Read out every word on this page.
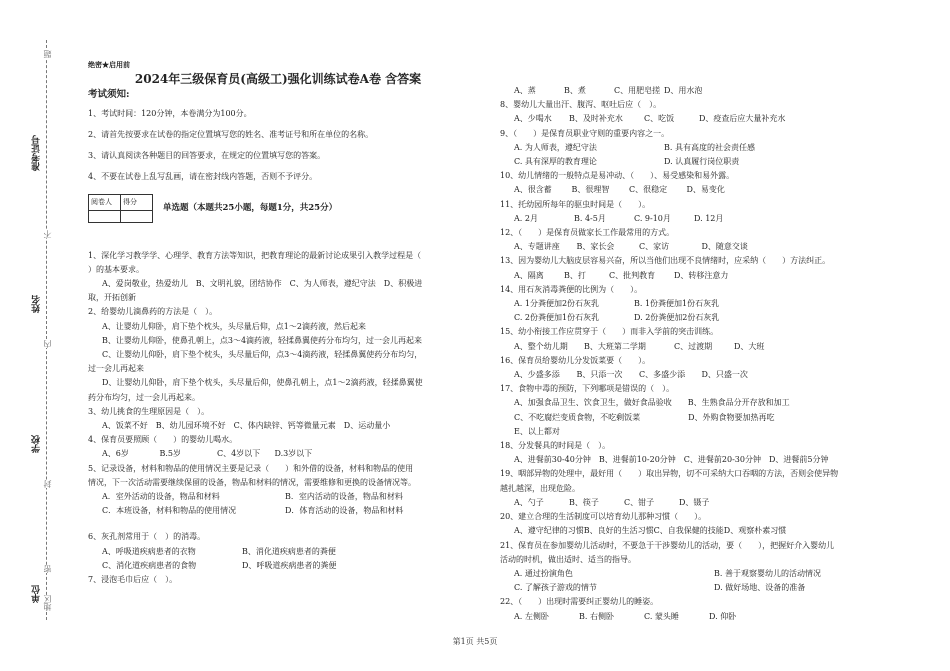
题
准考证号
不
姓名
内
学校
封
单位
密
地区

绝密★启用前

2024年三级保育员(高级工)强化训练试卷A卷 含答案

考试须知:

1、考试时间：120分钟，本卷满分为100分。

2、请首先按要求在试卷的指定位置填写您的姓名、准考证号和所在单位的名称。

3、请认真阅读各种题目的回答要求，在规定的位置填写您的答案。

4、不要在试卷上乱写乱画，请在密封线内答题，否则不予评分。

阅卷人	得分

单选题（本题共25小题，每题1分，共25分）

1、深化学习教学学、心理学、教育方法等知识，把教育理论的最新讨论成果引入教学过程是（

）的基本要求。

A、爱岗敬业，热爱幼儿　B、文明礼貌，团结协作　C、为人师表，遵纪守法　D、积极进

取，开拓创新

2、给婴幼儿滴鼻药的方法是（　）。

A、让婴幼儿仰卧，肩下垫个枕头，头尽量后仰，点1～2滴药液，然后起来

B、让婴幼儿仰卧，使鼻孔朝上，点3～4滴药液，轻揉鼻翼使药分布均匀，过一会儿再起来

C、让婴幼儿仰卧，肩下垫个枕头，头尽量后仰，点3～4滴药液，轻揉鼻翼使药分布均匀，

过一会儿再起来

D、让婴幼儿仰卧，肩下垫个枕头，头尽量后仰，使鼻孔朝上，点1～2滴药液，轻揉鼻翼使

药分布均匀，过一会儿再起来。

3、幼儿挑食的生理原因是（　）。

A、饭菜不好　B、幼儿园环境不好　C、体内缺锌、钙等微量元素　D、运动量小

4、保育员要照顾（　　）的婴幼儿喝水。

A、6岁	B.5岁	C、4岁以下	D.3岁以下

5、记录设备，材料和物品的使用情况主要是记录（　　）和外借的设备，材料和物品的使用

情况，下一次活动需要继续保留的设备，物品和材料的情况，需要维修和更换的设备情况等。

A．室外活动的设备，物品和材料	B．室内活动的设备，物品和材料
C．本班设备，材料和物品的使用情况	D．体育活动的设备，物品和材料

6、灰孔剂常用于（　）的消毒。

A、呼吸道疾病患者的衣物	B、消化道疾病患者的粪便
C、消化道疾病患者的食物	D、呼吸道疾病患者的粪便

7、浸泡毛巾后应（　）。

A、蒸	B、煮	C、用肥皂搓 D、用水泡

8、婴幼儿大量出汗、腹泻、呕吐后应（　）。

A、少喝水	B、及时补充水	C、吃饭	D、疫查后应大量补充水

9、（　　）是保育员职业守则的重要内容之一。

A. 为人师表，遵纪守法	B. 具有高度的社会责任感
C. 具有深厚的教育理论	D. 认真履行岗位职责

10、幼儿情绪的一般特点是易冲动、（　　）、易受感染和易外露。

A、很含蓄	B、很理智	C、很稳定	D、易变化

11、托幼园所每年的驱虫时间是（　　）。

A. 2月	B. 4-5月	C. 9-10月	D. 12月

12、（　　）是保育员做家长工作最常用的方式。

A、专题讲座	B、家长会	C、家访	D、随意交谈

13、因为婴幼儿大脑皮层容易兴奋，所以当他们出现不良情绪时，应采纳（　　）方法纠正。

A、隔离	B、打	C、批判教育	D、转移注意力

14、用石灰消毒粪便的比例为（　　）。

A. 1分粪便加2份石灰乳	B. 1份粪便加1份石灰乳
C. 2份粪便加1份石灰乳	D. 2份粪便加2份石灰乳

15、幼小衔接工作应贯穿于（　　）而非入学前的突击训练。

A、整个幼儿期	B、大班第二学期	C、过渡期	D、大班

16、保育员给婴幼儿分发饭菜要（　　）。

A、少盛多添	B、只添一次	C、多盛少添	D、只盛一次

17、食物中毒的预防，下列哪项是错误的（　）。

A、加强食品卫生、饮食卫生，做好食品验收　　B、生熟食品分开存放和加工

C、不吃腐烂变质食物，不吃剩饭菜　　　　　　D、外购食物要加热再吃

E、以上都对

18、分发餐具的时间是（　）。

A、进餐前30-40分钟　B、进餐前10-20分钟　C、进餐前20-30分钟　D、进餐前5分钟

19、咽部异物的处理中，最好用（　　）取出异物，切不可采纳大口吞咽的方法，否则会使异物

越扎越深，出现危险。

A、勺子	B、筷子	C、钳子	D、镊子

20、建立合理的生活制度可以培育幼儿那种习惯（　　）。

A、遵守纪律的习惯B、良好的生活习惯C、自我保健的技能D、观察朴素习惯

21、保育员在参加婴幼儿活动时，不要急于干涉婴幼儿的活动，要（　　），把握好介入婴幼儿

活动的时机，做出适时、适当的指导。

A. 通过扮演角色	B. 善于观察婴幼儿的活动情况
C. 了解孩子游戏的情节	D. 做好场地、设备的准备

22、（　　）出现时需要纠正婴幼儿的睡姿。

A. 左侧卧	B. 右侧卧	C. 蒙头睡	D. 仰卧
第1页 共5页
